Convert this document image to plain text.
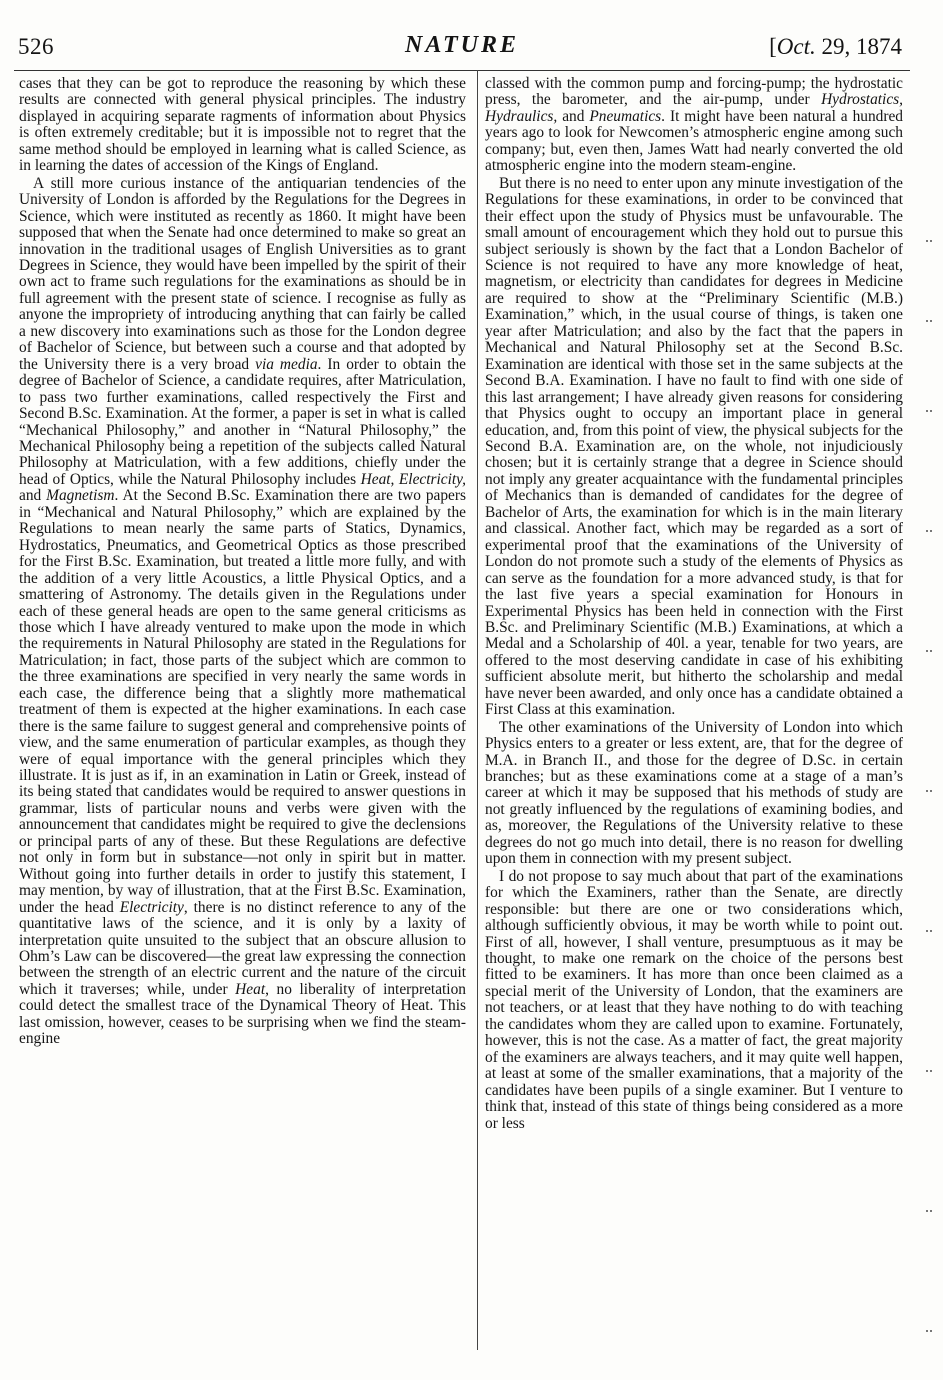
526	NATURE	[Oct. 29, 1874

cases that they can be got to reproduce the reasoning by which these results are connected with general physical principles. The industry displayed in acquiring separate ragments of information about Physics is often extremely creditable; but it is impossible not to regret that the same method should be employed in learning what is called Science, as in learning the dates of accession of the Kings of England.

A still more curious instance of the antiquarian tendencies of the University of London is afforded by the Regulations for the Degrees in Science, which were instituted as recently as 1860. It might have been supposed that when the Senate had once determined to make so great an innovation in the traditional usages of English Universities as to grant Degrees in Science, they would have been impelled by the spirit of their own act to frame such regulations for the examinations as should be in full agreement with the present state of science. I recognise as fully as anyone the impropriety of introducing anything that can fairly be called a new discovery into examinations such as those for the London degree of Bachelor of Science, but between such a course and that adopted by the University there is a very broad via media. In order to obtain the degree of Bachelor of Science, a candidate requires, after Matriculation, to pass two further examinations, called respectively the First and Second B.Sc. Examination. At the former, a paper is set in what is called “Mechanical Philosophy,” and another in “Natural Philosophy,” the Mechanical Philosophy being a repetition of the subjects called Natural Philosophy at Matriculation, with a few additions, chiefly under the head of Optics, while the Natural Philosophy includes Heat, Electricity, and Magnetism. At the Second B.Sc. Examination there are two papers in “Mechanical and Natural Philosophy,” which are explained by the Regulations to mean nearly the same parts of Statics, Dynamics, Hydrostatics, Pneumatics, and Geometrical Optics as those prescribed for the First B.Sc. Examination, but treated a little more fully, and with the addition of a very little Acoustics, a little Physical Optics, and a smattering of Astronomy. The details given in the Regulations under each of these general heads are open to the same general criticisms as those which I have already ventured to make upon the mode in which the requirements in Natural Philosophy are stated in the Regulations for Matriculation; in fact, those parts of the subject which are common to the three examinations are specified in very nearly the same words in each case, the difference being that a slightly more mathematical treatment of them is expected at the higher examinations. In each case there is the same failure to suggest general and comprehensive points of view, and the same enumeration of particular examples, as though they were of equal importance with the general principles which they illustrate. It is just as if, in an examination in Latin or Greek, instead of its being stated that candidates would be required to answer questions in grammar, lists of particular nouns and verbs were given with the announcement that candidates might be required to give the declensions or principal parts of any of these. But these Regulations are defective not only in form but in substance—not only in spirit but in matter. Without going into further details in order to justify this statement, I may mention, by way of illustration, that at the First B.Sc. Examination, under the head Electricity, there is no distinct reference to any of the quantitative laws of the science, and it is only by a laxity of interpretation quite unsuited to the subject that an obscure allusion to Ohm’s Law can be discovered—the great law expressing the connection between the strength of an electric current and the nature of the circuit which it traverses; while, under Heat, no liberality of interpretation could detect the smallest trace of the Dynamical Theory of Heat. This last omission, however, ceases to be surprising when we find the steam-engine

classed with the common pump and forcing-pump; the hydrostatic press, the barometer, and the air-pump, under Hydrostatics, Hydraulics, and Pneumatics. It might have been natural a hundred years ago to look for Newcomen’s atmospheric engine among such company; but, even then, James Watt had nearly converted the old atmospheric engine into the modern steam-engine.

But there is no need to enter upon any minute investigation of the Regulations for these examinations, in order to be convinced that their effect upon the study of Physics must be unfavourable. The small amount of encouragement which they hold out to pursue this subject seriously is shown by the fact that a London Bachelor of Science is not required to have any more knowledge of heat, magnetism, or electricity than candidates for degrees in Medicine are required to show at the “Preliminary Scientific (M.B.) Examination,” which, in the usual course of things, is taken one year after Matriculation; and also by the fact that the papers in Mechanical and Natural Philosophy set at the Second B.Sc. Examination are identical with those set in the same subjects at the Second B.A. Examination. I have no fault to find with one side of this last arrangement; I have already given reasons for considering that Physics ought to occupy an important place in general education, and, from this point of view, the physical subjects for the Second B.A. Examination are, on the whole, not injudiciously chosen; but it is certainly strange that a degree in Science should not imply any greater acquaintance with the fundamental principles of Mechanics than is demanded of candidates for the degree of Bachelor of Arts, the examination for which is in the main literary and classical. Another fact, which may be regarded as a sort of experimental proof that the examinations of the University of London do not promote such a study of the elements of Physics as can serve as the foundation for a more advanced study, is that for the last five years a special examination for Honours in Experimental Physics has been held in connection with the First B.Sc. and Preliminary Scientific (M.B.) Examinations, at which a Medal and a Scholarship of 40l. a year, tenable for two years, are offered to the most deserving candidate in case of his exhibiting sufficient absolute merit, but hitherto the scholarship and medal have never been awarded, and only once has a candidate obtained a First Class at this examination.

The other examinations of the University of London into which Physics enters to a greater or less extent, are, that for the degree of M.A. in Branch II., and those for the degree of D.Sc. in certain branches; but as these examinations come at a stage of a man’s career at which it may be supposed that his methods of study are not greatly influenced by the regulations of examining bodies, and as, moreover, the Regulations of the University relative to these degrees do not go much into detail, there is no reason for dwelling upon them in connection with my present subject.

I do not propose to say much about that part of the examinations for which the Examiners, rather than the Senate, are directly responsible: but there are one or two considerations which, although sufficiently obvious, it may be worth while to point out. First of all, however, I shall venture, presumptuous as it may be thought, to make one remark on the choice of the persons best fitted to be examiners. It has more than once been claimed as a special merit of the University of London, that the examiners are not teachers, or at least that they have nothing to do with teaching the candidates whom they are called upon to examine. Fortunately, however, this is not the case. As a matter of fact, the great majority of the examiners are always teachers, and it may quite well happen, at least at some of the smaller examinations, that a majority of the candidates have been pupils of a single examiner. But I venture to think that, instead of this state of things being considered as a more or less
